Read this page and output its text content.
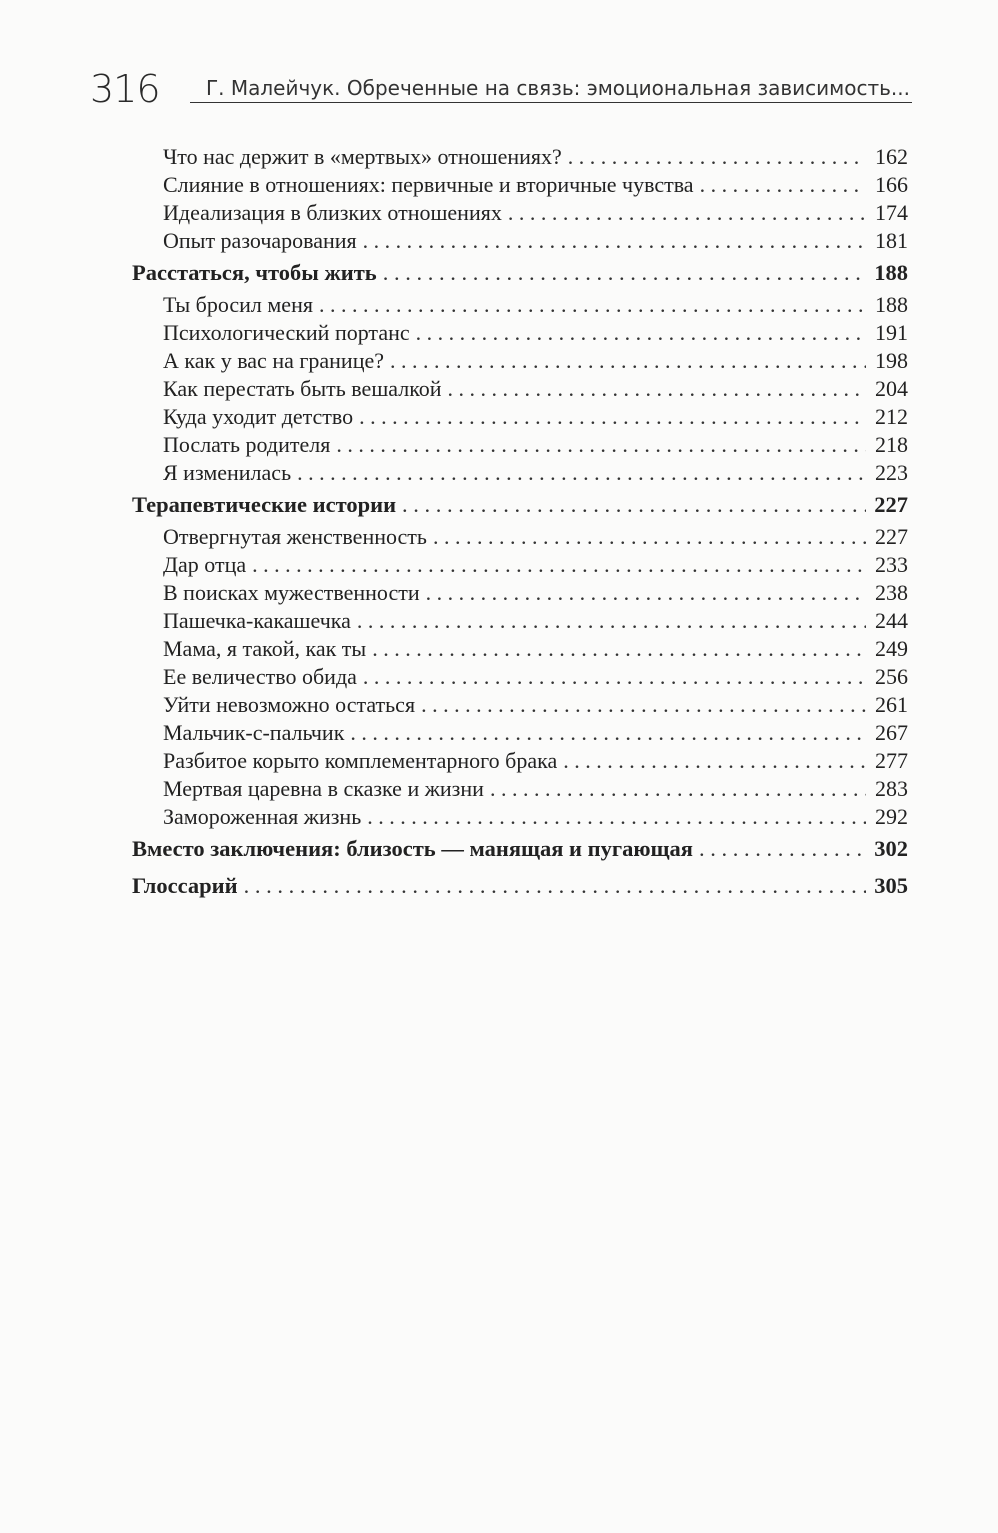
316 Г. Малейчук. Обреченные на связь: эмоциональная зависимость...
Что нас держит в «мертвых» отношениях? . . .	162
Слияние в отношениях: первичные и вторичные чувства . . .	166
Идеализация в близких отношениях . . .	174
Опыт разочарования . . .	181
Расстаться, чтобы жить . . .	188
Ты бросил меня . . .	188
Психологический портанс . . .	191
А как у вас на границе? . . .	198
Как перестать быть вешалкой . . .	204
Куда уходит детство . . .	212
Послать родителя . . .	218
Я изменилась . . .	223
Терапевтические истории . . .	227
Отвергнутая женственность . . .	227
Дар отца . . .	233
В поисках мужественности . . .	238
Пашечка-какашечка . . .	244
Мама, я такой, как ты . . .	249
Ее величество обида . . .	256
Уйти невозможно остаться . . .	261
Мальчик-с-пальчик . . .	267
Разбитое корыто комплементарного брака . . .	277
Мертвая царевна в сказке и жизни . . .	283
Замороженная жизнь . . .	292
Вместо заключения: близость — манящая и пугающая . . .	302
Глоссарий . . .	305
